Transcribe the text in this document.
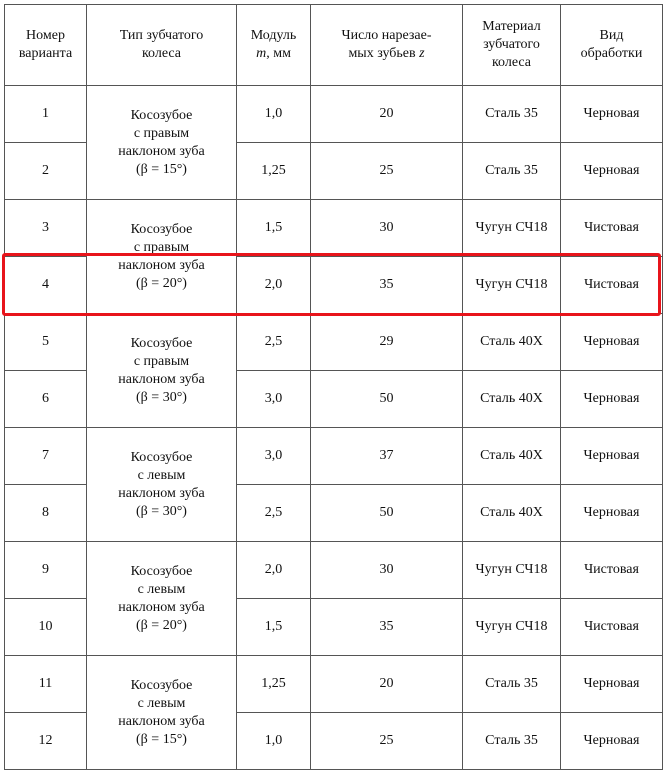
Номер
варианта	Тип зубчатого
колеса	Модуль
m, мм	Число нарезае-
мых зубьев z	Материал
зубчатого
колеса	Вид
обработки
1	Косозубое
с правым
наклоном зуба
(β = 15°)	1,0	20	Сталь 35	Черновая
2		1,25	25	Сталь 35	Черновая
3	Косозубое
с правым
наклоном зуба
(β = 20°)	1,5	30	Чугун СЧ18	Чистовая
4		2,0	35	Чугун СЧ18	Чистовая
5	Косозубое
с правым
наклоном зуба
(β = 30°)	2,5	29	Сталь 40Х	Черновая
6		3,0	50	Сталь 40Х	Черновая
7	Косозубое
с левым
наклоном зуба
(β = 30°)	3,0	37	Сталь 40Х	Черновая
8		2,5	50	Сталь 40Х	Черновая
9	Косозубое
с левым
наклоном зуба
(β = 20°)	2,0	30	Чугун СЧ18	Чистовая
10		1,5	35	Чугун СЧ18	Чистовая
11	Косозубое
с левым
наклоном зуба
(β = 15°)	1,25	20	Сталь 35	Черновая
12		1,0	25	Сталь 35	Черновая
